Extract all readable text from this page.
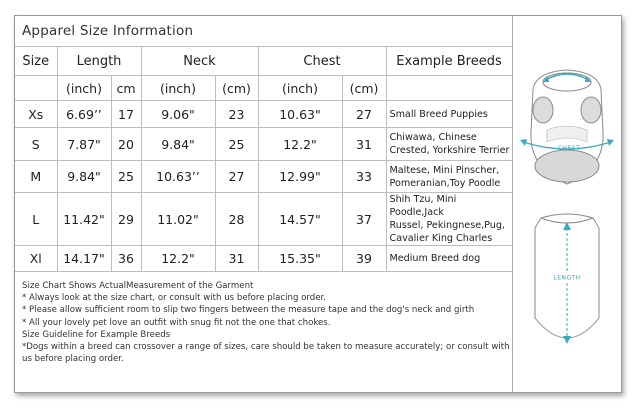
Apparel Size Information
Size	Length		Neck		Chest		Example Breeds
	(inch)	cm	(inch)	(cm)	(inch)	(cm)	
Xs	6.69’’	17	9.06"	23	10.63"	27	Small Breed Puppies

S	7.87"	20	9.84"	25	12.2"	31	Chiwawa, Chinese
Crested, Yorkshire Terrier

M	9.84"	25	10.63’’	27	12.99"	33	Maltese, Mini Pinscher,
Pomeranian,Toy Poodle

L	11.42"	29	11.02"	28	14.57"	37	Shih Tzu, Mini Poodle,Jack
Russel, Pekingnese,Pug,
Cavalier King Charles

Xl	14.17"	36	12.2"	31	15.35"	39	Medium Breed dog
Size Chart Shows ActualMeasurement of the Garment
* Always look at the size chart, or consult with us before placing order.
* Please allow sufficient room to slip two fingers between the measure tape and the dog's neck and girth
* All your lovely pet love an outfit with snug fit not the one that chokes.
Size Guideline for Example Breeds
*Dogs within a breed can crossover a range of sizes, care should be taken to measure accurately; or consult with us before placing order.
CHEST
LENGTH
